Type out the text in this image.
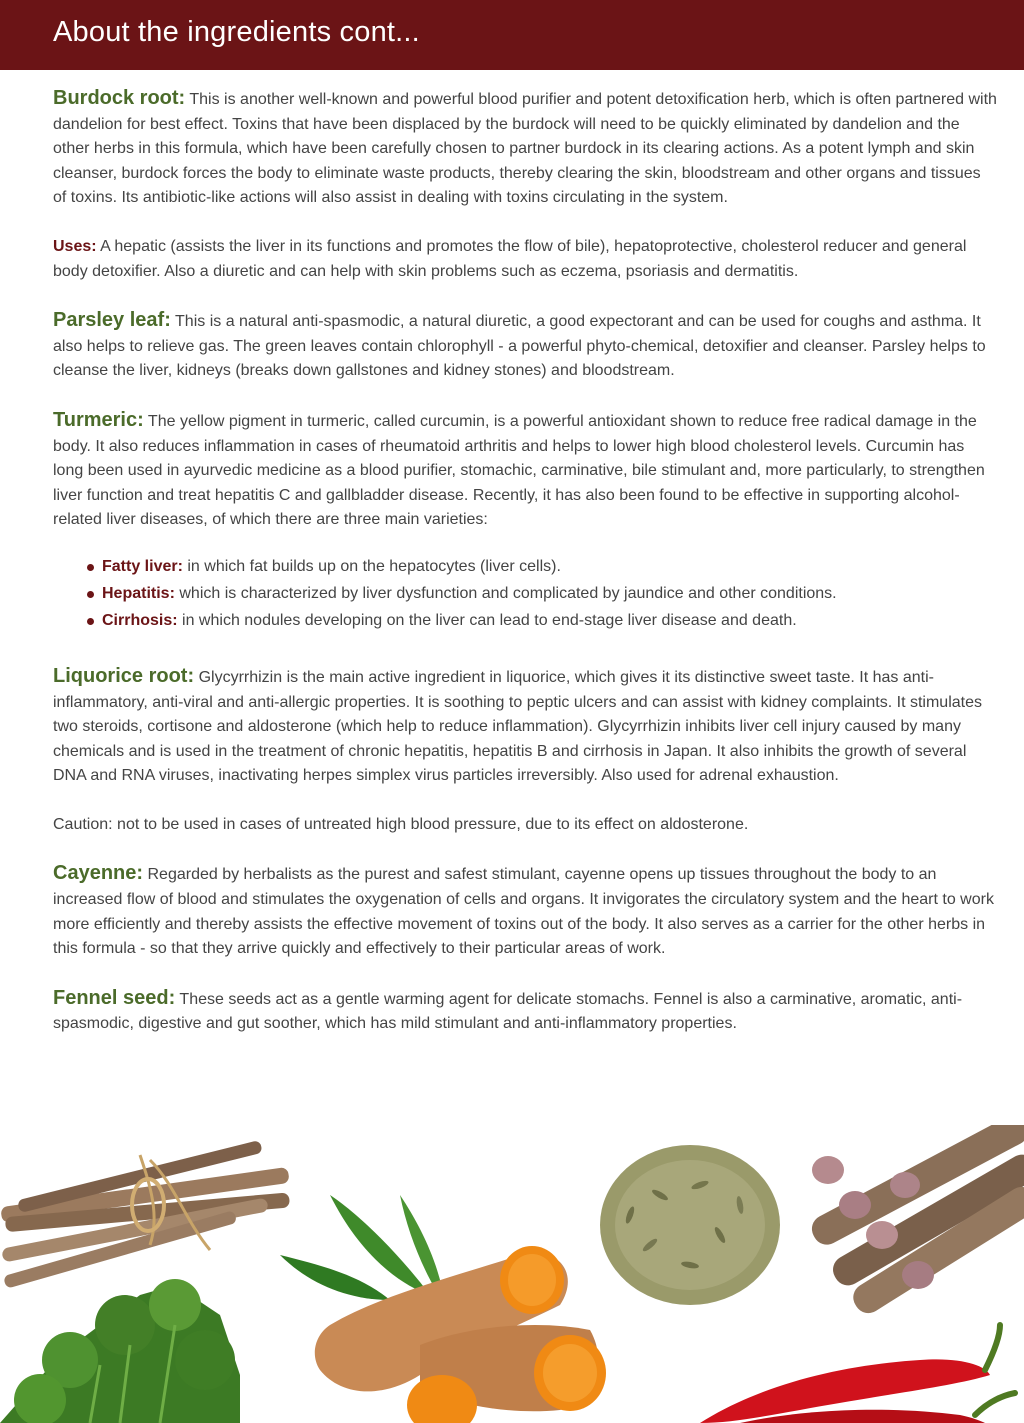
About the ingredients cont...

Burdock root: This is another well-known and powerful blood purifier and potent detoxification herb, which is often partnered with dandelion for best effect. Toxins that have been displaced by the burdock will need to be quickly eliminated by dandelion and the other herbs in this formula, which have been carefully chosen to partner burdock in its clearing actions. As a potent lymph and skin cleanser, burdock forces the body to eliminate waste products, thereby clearing the skin, bloodstream and other organs and tissues of toxins. Its antibiotic-like actions will also assist in dealing with toxins circulating in the system.

Uses: A hepatic (assists the liver in its functions and promotes the flow of bile), hepatoprotective, cholesterol reducer and general body detoxifier. Also a diuretic and can help with skin problems such as eczema, psoriasis and dermatitis.

Parsley leaf: This is a natural anti-spasmodic, a natural diuretic, a good expectorant and can be used for coughs and asthma. It also helps to relieve gas. The green leaves contain chlorophyll - a powerful phyto-chemical, detoxifier and cleanser. Parsley helps to cleanse the liver, kidneys (breaks down gallstones and kidney stones) and bloodstream.

Turmeric: The yellow pigment in turmeric, called curcumin, is a powerful antioxidant shown to reduce free radical damage in the body. It also reduces inflammation in cases of rheumatoid arthritis and helps to lower high blood cholesterol levels. Curcumin has long been used in ayurvedic medicine as a blood purifier, stomachic, carminative, bile stimulant and, more particularly, to strengthen liver function and treat hepatitis C and gallbladder disease. Recently, it has also been found to be effective in supporting alcohol-related liver diseases, of which there are three main varieties:

Fatty liver: in which fat builds up on the hepatocytes (liver cells).
Hepatitis: which is characterized by liver dysfunction and complicated by jaundice and other conditions.
Cirrhosis: in which nodules developing on the liver can lead to end-stage liver disease and death.

Liquorice root: Glycyrrhizin is the main active ingredient in liquorice, which gives it its distinctive sweet taste. It has anti-inflammatory, anti-viral and anti-allergic properties. It is soothing to peptic ulcers and can assist with kidney complaints. It stimulates two steroids, cortisone and aldosterone (which help to reduce inflammation). Glycyrrhizin inhibits liver cell injury caused by many chemicals and is used in the treatment of chronic hepatitis, hepatitis B and cirrhosis in Japan. It also inhibits the growth of several DNA and RNA viruses, inactivating herpes simplex virus particles irreversibly. Also used for adrenal exhaustion.

Caution: not to be used in cases of untreated high blood pressure, due to its effect on aldosterone.

Cayenne: Regarded by herbalists as the purest and safest stimulant, cayenne opens up tissues throughout the body to an increased flow of blood and stimulates the oxygenation of cells and organs. It invigorates the circulatory system and the heart to work more efficiently and thereby assists the effective movement of toxins out of the body. It also serves as a carrier for the other herbs in this formula - so that they arrive quickly and effectively to their particular areas of work.

Fennel seed: These seeds act as a gentle warming agent for delicate stomachs. Fennel is also a carminative, aromatic, anti-spasmodic, digestive and gut soother, which has mild stimulant and anti-inflammatory properties.
